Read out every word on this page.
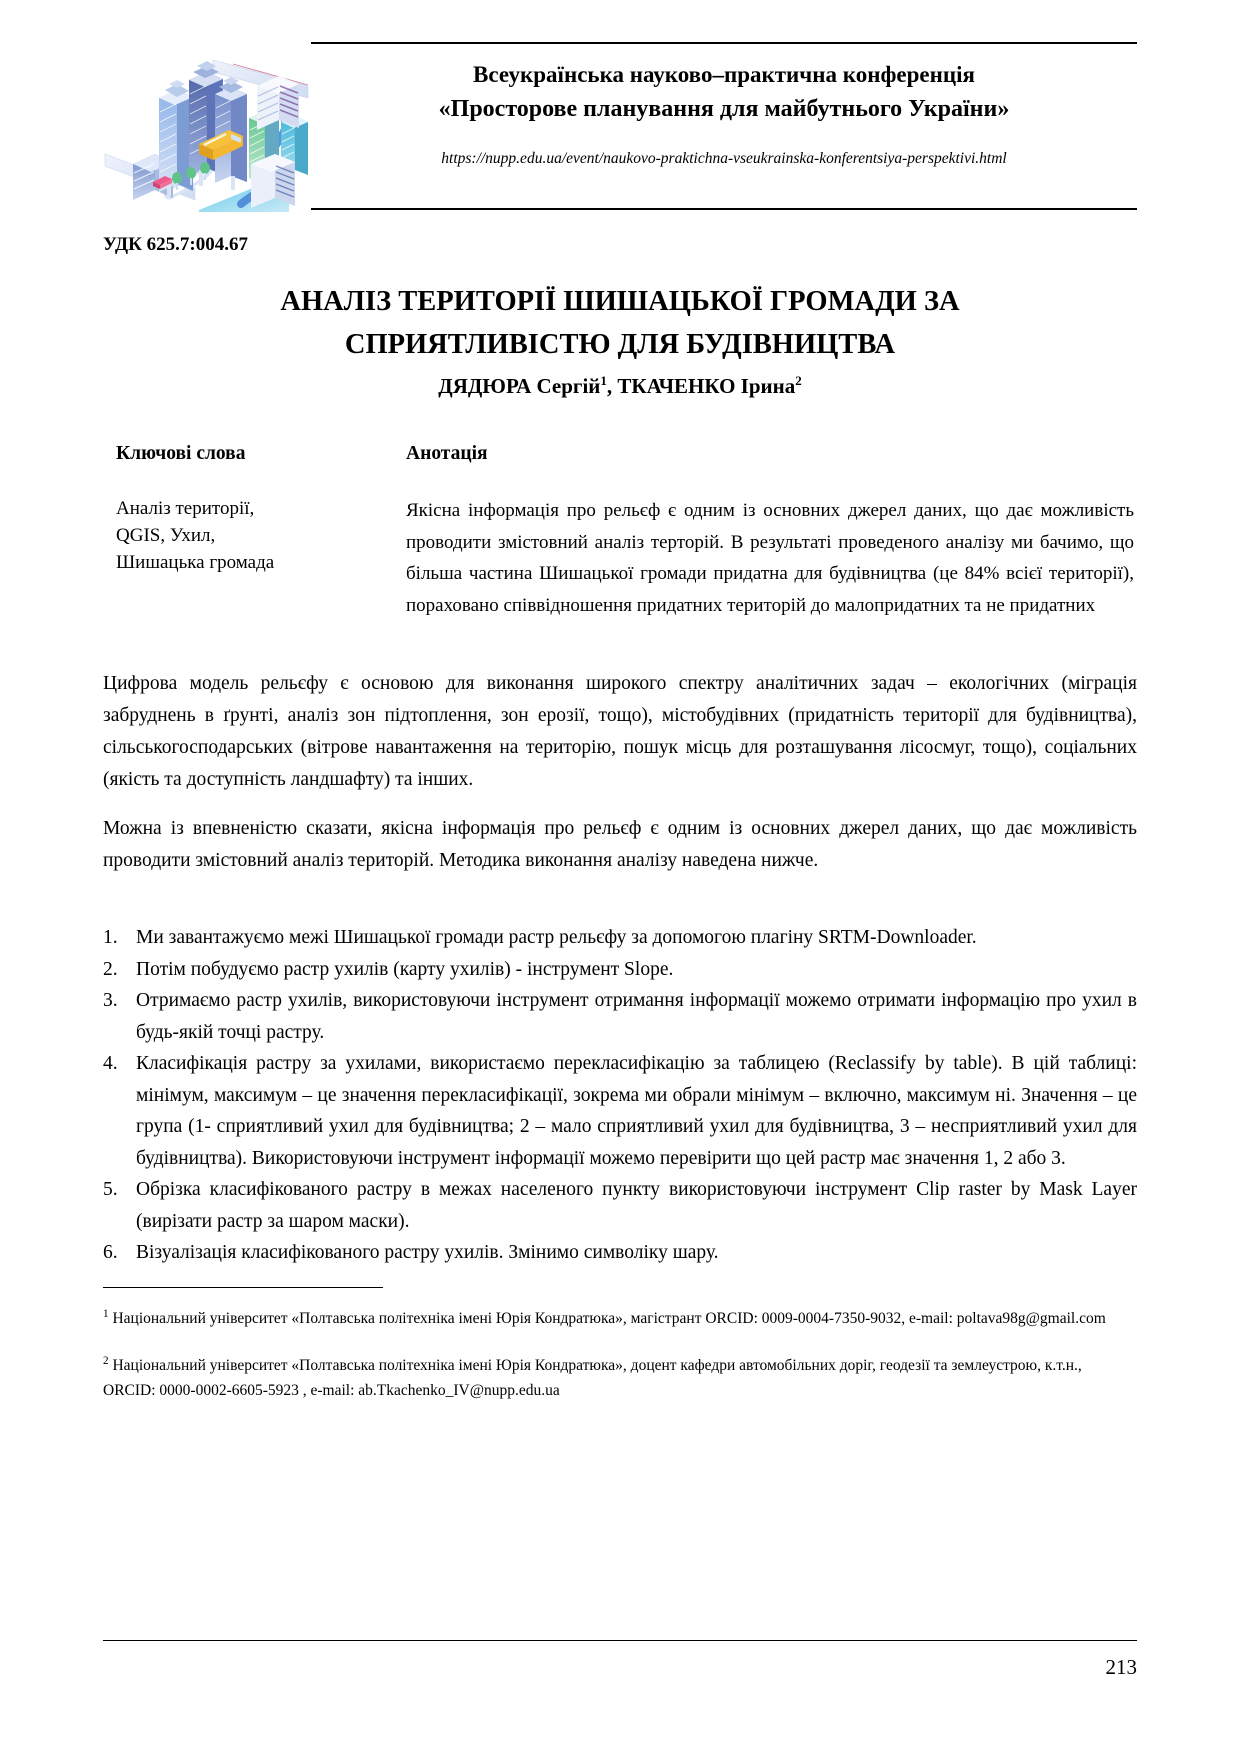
Всеукраїнська науково–практична конференція
«Просторове планування для майбутнього України»
https://nupp.edu.ua/event/naukovo-praktichna-vseukrainska-konferentsiya-perspektivi.html
УДК 625.7:004.67
АНАЛІЗ ТЕРИТОРІЇ ШИШАЦЬКОЇ ГРОМАДИ ЗА
СПРИЯТЛИВІСТЮ ДЛЯ БУДІВНИЦТВА
ДЯДЮРА Сергій$^1$, ТКАЧЕНКО Ірина$^2$
Ключові слова
Аналіз території,
QGIS, Ухил,
Шишацька громада
Анотація
Якісна інформація про рельєф є одним із основних джерел даних, що дає можливість проводити змістовний аналіз терторій. В результаті проведеного аналізу ми бачимо, що більша частина Шишацької громади придатна для будівництва (це 84% всієї території), пораховано співвідношення придатних територій до малопридатних та не придатних

Цифрова модель рельєфу є основою для виконання широкого спектру аналітичних задач – екологічних (міграція забруднень в ґрунті, аналіз зон підтоплення, зон ерозії, тощо), містобудівних (придатність території для будівництва), сільськогосподарських (вітрове навантаження на територію, пошук місць для розташування лісосмуг, тощо), соціальних (якість та доступність ландшафту) та інших.

Можна із впевненістю сказати, якісна інформація про рельєф є одним із основних джерел даних, що дає можливість проводити змістовний аналіз територій. Методика виконання аналізу наведена нижче.

1. Ми завантажуємо межі Шишацької громади растр рельєфу за допомогою плагіну SRTM-Downloader.
2. Потім побудуємо растр ухилів (карту ухилів) - інструмент Slope.
3. Отримаємо растр ухилів, використовуючи інструмент отримання інформації можемо отримати інформацію про ухил в будь-якій точці растру.
4. Класифікація растру за ухилами, використаємо перекласифікацію за таблицею (Reclassify by table). В цій таблиці: мінімум, максимум – це значення перекласифікації, зокрема ми обрали мінімум – включно, максимум ні. Значення – це група (1- сприятливий ухил для будівництва; 2 – мало сприятливий ухил для будівництва, 3 – несприятливий ухил для будівництва). Використовуючи інструмент інформації можемо перевірити що цей растр має значення 1, 2 або 3.
5. Обрізка класифікованого растру в межах населеного пункту використовуючи інструмент Clip raster by Mask Layer (вирізати растр за шаром маски).
6. Візуалізація класифікованого растру ухилів. Змінимо символіку шару.
$^1$ Національний університет «Полтавська політехніка імені Юрія Кондратюка», магістрант ORCID: 0009-0004-7350-9032, e-mail: poltava98g@gmail.com
$^2$ Національний університет «Полтавська політехніка імені Юрія Кондратюка», доцент кафедри автомобільних доріг, геодезії та землеустрою, к.т.н., ORCID: 0000-0002-6605-5923 , e-mail: ab.Tkachenko_IV@nupp.edu.ua
213
